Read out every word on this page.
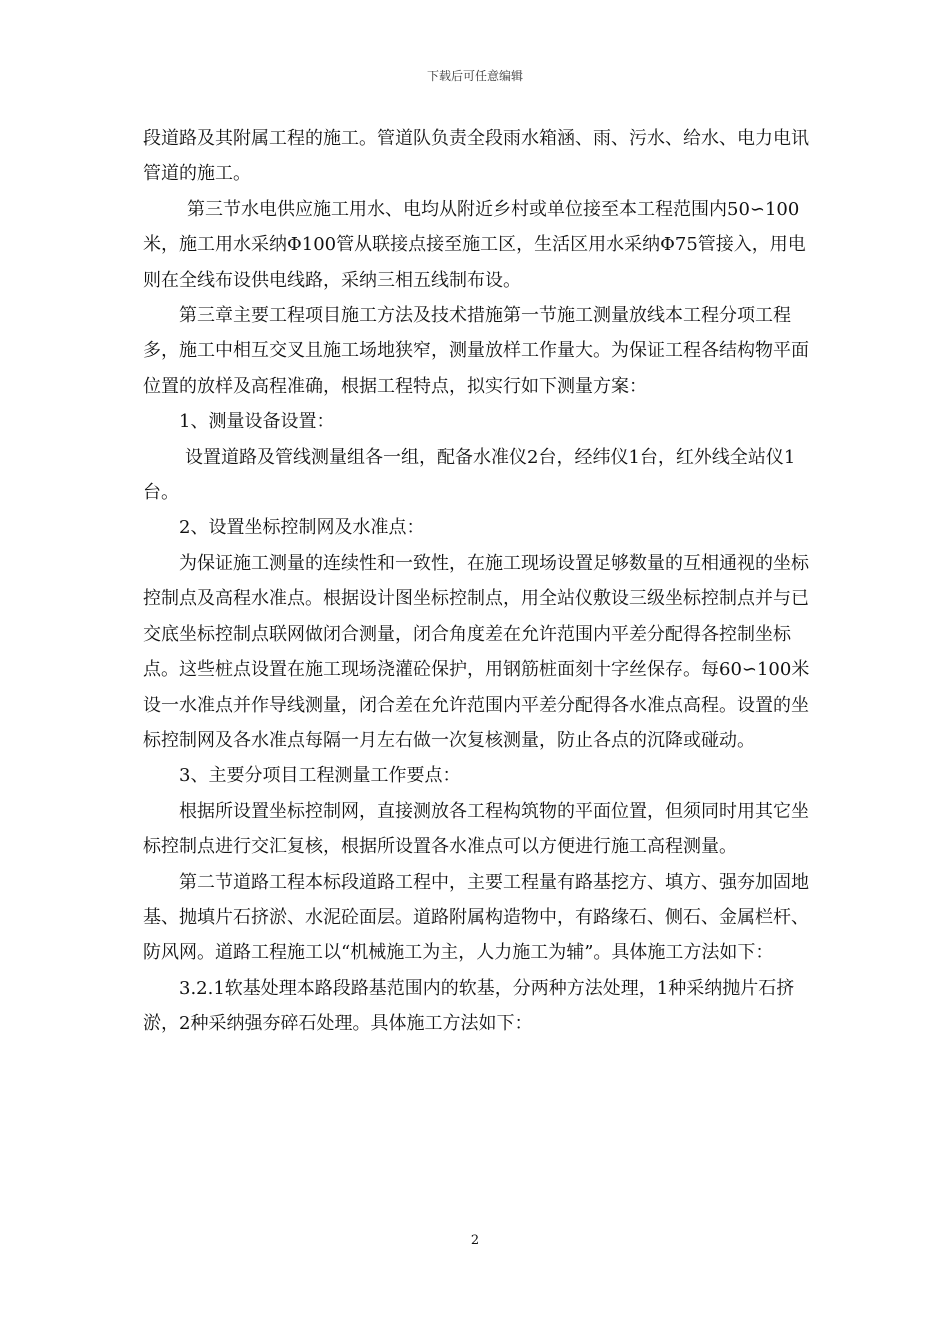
下载后可任意编辑

段道路及其附属工程的施工。管道队负责全段雨水箱涵、雨、污水、给水、电力电讯管道的施工。

第三节水电供应施工用水、电均从附近乡村或单位接至本工程范围内50∽100米，施工用水采纳Φ100管从联接点接至施工区，生活区用水采纳Φ75管接入，用电则在全线布设供电线路，采纳三相五线制布设。

第三章主要工程项目施工方法及技术措施第一节施工测量放线本工程分项工程多，施工中相互交叉且施工场地狭窄，测量放样工作量大。为保证工程各结构物平面位置的放样及高程准确，根据工程特点，拟实行如下测量方案：

1、测量设备设置：

设置道路及管线测量组各一组，配备水准仪2台，经纬仪1台，红外线全站仪1台。

2、设置坐标控制网及水准点：

为保证施工测量的连续性和一致性，在施工现场设置足够数量的互相通视的坐标控制点及高程水准点。根据设计图坐标控制点，用全站仪敷设三级坐标控制点并与已交底坐标控制点联网做闭合测量，闭合角度差在允许范围内平差分配得各控制坐标点。这些桩点设置在施工现场浇灌砼保护，用钢筋桩面刻十字丝保存。每60∽100米设一水准点并作导线测量，闭合差在允许范围内平差分配得各水准点高程。设置的坐标控制网及各水准点每隔一月左右做一次复核测量，防止各点的沉降或碰动。

3、主要分项目工程测量工作要点：

根据所设置坐标控制网，直接测放各工程构筑物的平面位置，但须同时用其它坐标控制点进行交汇复核，根据所设置各水准点可以方便进行施工高程测量。

第二节道路工程本标段道路工程中，主要工程量有路基挖方、填方、强夯加固地基、抛填片石挤淤、水泥砼面层。道路附属构造物中，有路缘石、侧石、金属栏杆、防风网。道路工程施工以“机械施工为主，人力施工为辅”。具体施工方法如下：

3.2.1软基处理本路段路基范围内的软基，分两种方法处理，1种采纳抛片石挤淤，2种采纳强夯碎石处理。具体施工方法如下：

2
